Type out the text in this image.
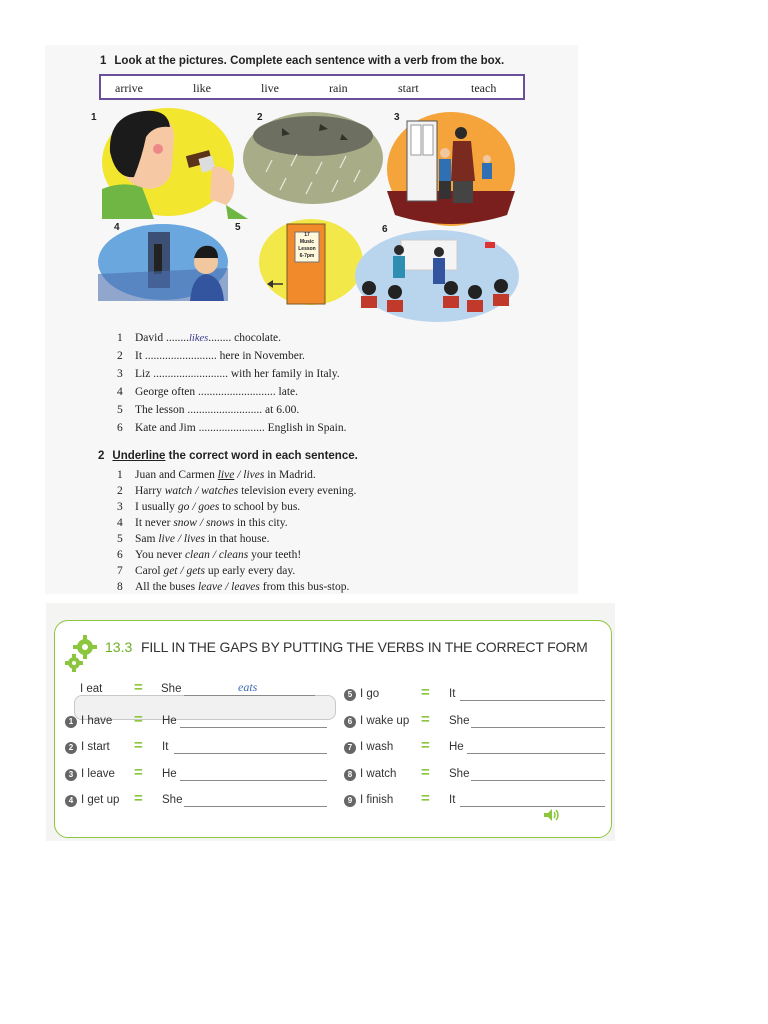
1 Look at the pictures. Complete each sentence with a verb from the box.
arrive	like	live	rain	start	teach
1	2	3
4	5	6
17
Music
Lesson
6-7pm
1 David ........likes........ chocolate.
2 It ......................... here in November.
3 Liz .......................... with her family in Italy.
4 George often ........................... late.
5 The lesson .......................... at 6.00.
6 Kate and Jim ....................... English in Spain.
2 Underline the correct word in each sentence.
1 Juan and Carmen live / lives in Madrid.
2 Harry watch / watches television every evening.
3 I usually go / goes to school by bus.
4 It never snow / snows in this city.
5 Sam live / lives in that house.
6 You never clean / cleans your teeth!
7 Carol get / gets up early every day.
8 All the buses leave / leaves from this bus-stop.
13.3 FILL IN THE GAPS BY PUTTING THE VERBS IN THE CORRECT FORM
I eat = She	eats
1 I have = He
2 I start = It
3 I leave = He
4 I get up = She
5 I go	= It
6 I wake up = She
7 I wash = He
8 I watch = She
9 I finish = It
